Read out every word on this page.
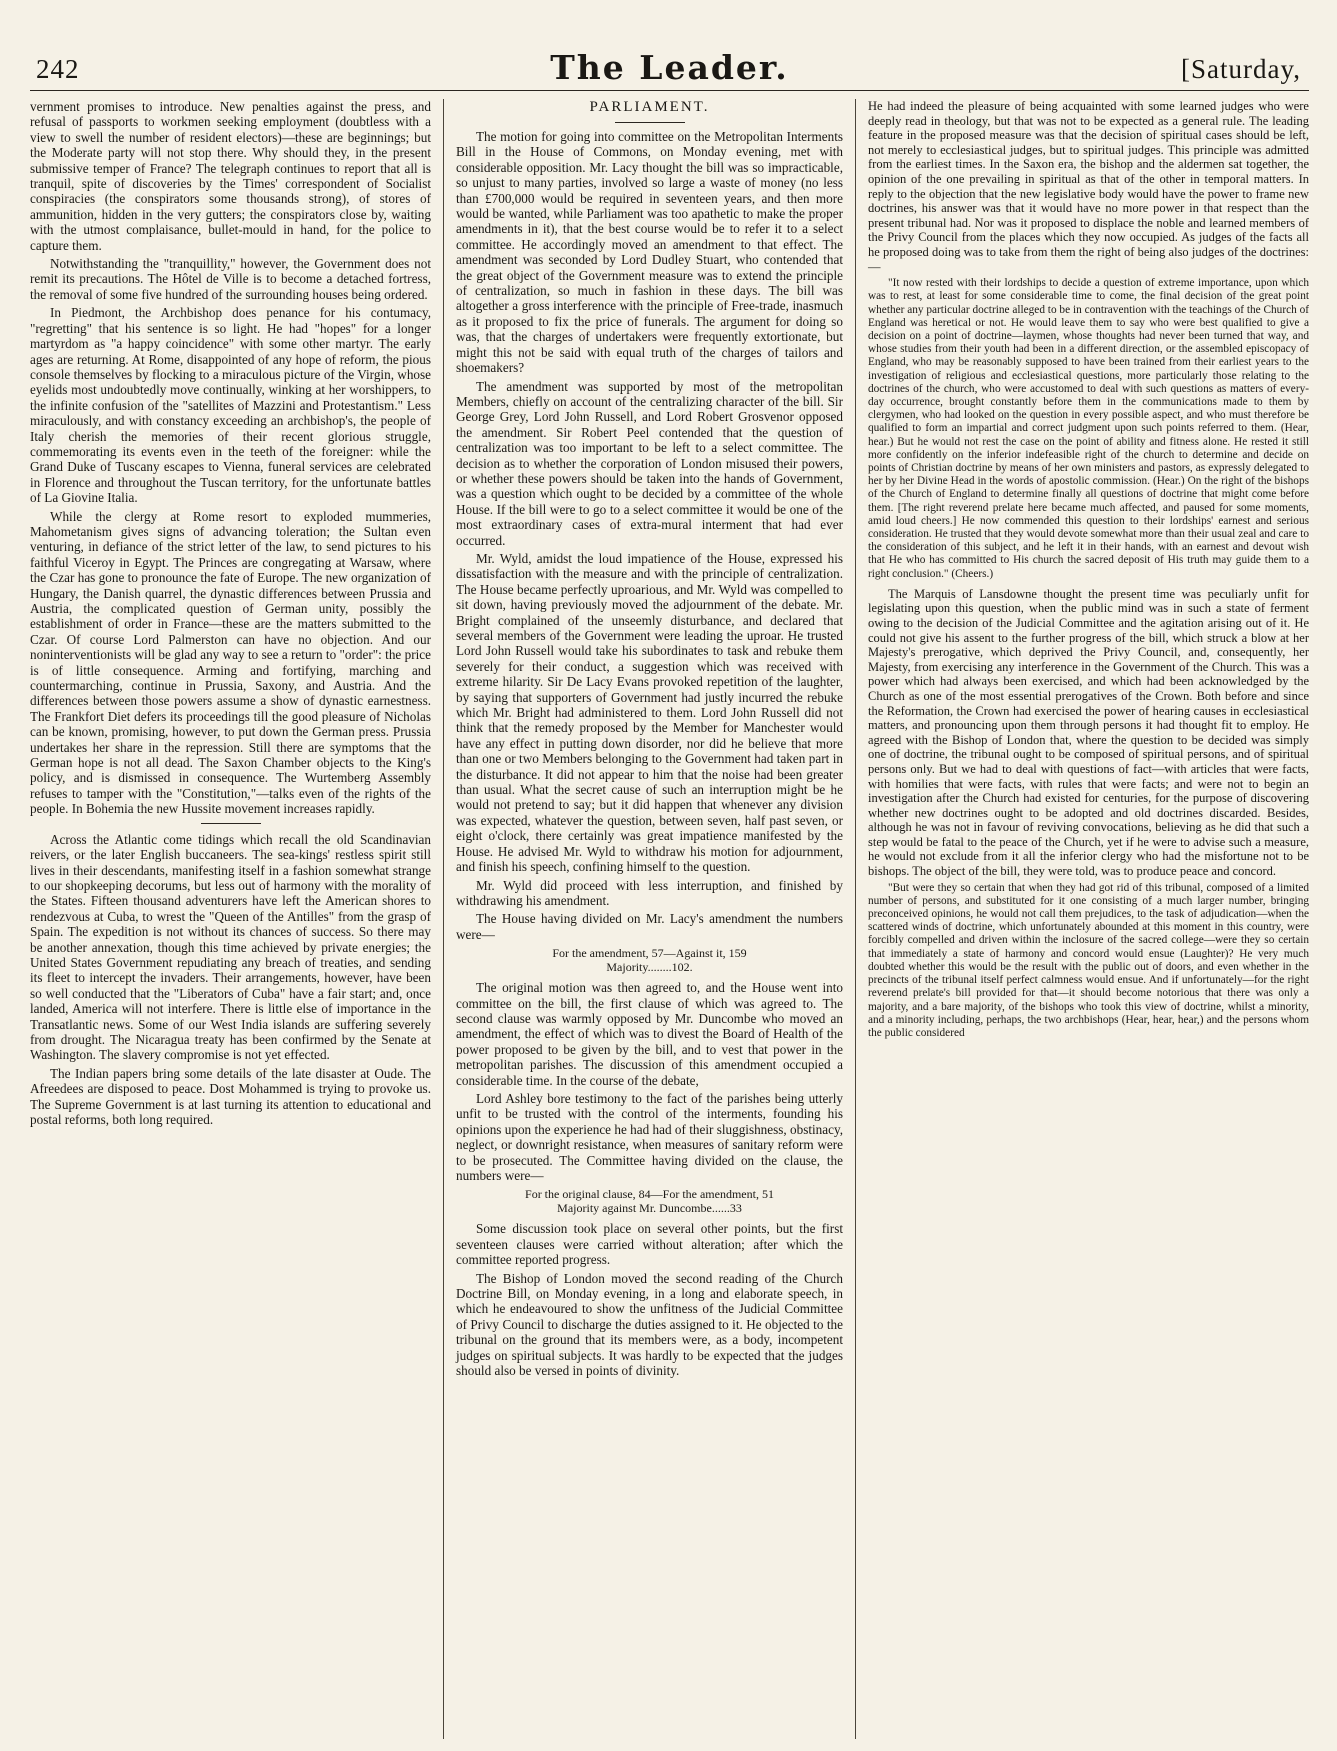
242	The Leader.	[Saturday,

vernment promises to introduce. New penalties against the press, and refusal of passports to workmen seeking employment (doubtless with a view to swell the number of resident electors)—these are beginnings; but the Moderate party will not stop there. Why should they, in the present submissive temper of France? The telegraph continues to report that all is tranquil, spite of discoveries by the Times' correspondent of Socialist conspiracies (the conspirators some thousands strong), of stores of ammunition, hidden in the very gutters; the conspirators close by, waiting with the utmost complaisance, bullet-mould in hand, for the police to capture them.

Notwithstanding the "tranquillity," however, the Government does not remit its precautions. The Hôtel de Ville is to become a detached fortress, the removal of some five hundred of the surrounding houses being ordered.

In Piedmont, the Archbishop does penance for his contumacy, "regretting" that his sentence is so light. He had "hopes" for a longer martyrdom as "a happy coincidence" with some other martyr. The early ages are returning. At Rome, disappointed of any hope of reform, the pious console themselves by flocking to a miraculous picture of the Virgin, whose eyelids most undoubtedly move continually, winking at her worshippers, to the infinite confusion of the "satellites of Mazzini and Protestantism." Less miraculously, and with constancy exceeding an archbishop's, the people of Italy cherish the memories of their recent glorious struggle, commemorating its events even in the teeth of the foreigner: while the Grand Duke of Tuscany escapes to Vienna, funeral services are celebrated in Florence and throughout the Tuscan territory, for the unfortunate battles of La Giovine Italia.

While the clergy at Rome resort to exploded mummeries, Mahometanism gives signs of advancing toleration; the Sultan even venturing, in defiance of the strict letter of the law, to send pictures to his faithful Viceroy in Egypt. The Princes are congregating at Warsaw, where the Czar has gone to pronounce the fate of Europe. The new organization of Hungary, the Danish quarrel, the dynastic differences between Prussia and Austria, the complicated question of German unity, possibly the establishment of order in France—these are the matters submitted to the Czar. Of course Lord Palmerston can have no objection. And our noninterventionists will be glad any way to see a return to "order": the price is of little consequence. Arming and fortifying, marching and countermarching, continue in Prussia, Saxony, and Austria. And the differences between those powers assume a show of dynastic earnestness. The Frankfort Diet defers its proceedings till the good pleasure of Nicholas can be known, promising, however, to put down the German press. Prussia undertakes her share in the repression. Still there are symptoms that the German hope is not all dead. The Saxon Chamber objects to the King's policy, and is dismissed in consequence. The Wurtemberg Assembly refuses to tamper with the "Constitution,"—talks even of the rights of the people. In Bohemia the new Hussite movement increases rapidly.

Across the Atlantic come tidings which recall the old Scandinavian reivers, or the later English buccaneers. The sea-kings' restless spirit still lives in their descendants, manifesting itself in a fashion somewhat strange to our shopkeeping decorums, but less out of harmony with the morality of the States. Fifteen thousand adventurers have left the American shores to rendezvous at Cuba, to wrest the "Queen of the Antilles" from the grasp of Spain. The expedition is not without its chances of success. So there may be another annexation, though this time achieved by private energies; the United States Government repudiating any breach of treaties, and sending its fleet to intercept the invaders. Their arrangements, however, have been so well conducted that the "Liberators of Cuba" have a fair start; and, once landed, America will not interfere. There is little else of importance in the Transatlantic news. Some of our West India islands are suffering severely from drought. The Nicaragua treaty has been confirmed by the Senate at Washington. The slavery compromise is not yet effected.

The Indian papers bring some details of the late disaster at Oude. The Afreedees are disposed to peace. Dost Mohammed is trying to provoke us. The Supreme Government is at last turning its attention to educational and postal reforms, both long required.

PARLIAMENT.

The motion for going into committee on the Metropolitan Interments Bill in the House of Commons, on Monday evening, met with considerable opposition. Mr. Lacy thought the bill was so impracticable, so unjust to many parties, involved so large a waste of money (no less than £700,000 would be required in seventeen years, and then more would be wanted, while Parliament was too apathetic to make the proper amendments in it), that the best course would be to refer it to a select committee. He accordingly moved an amendment to that effect. The amendment was seconded by Lord Dudley Stuart, who contended that the great object of the Government measure was to extend the principle of centralization, so much in fashion in these days. The bill was altogether a gross interference with the principle of Free-trade, inasmuch as it proposed to fix the price of funerals. The argument for doing so was, that the charges of undertakers were frequently extortionate, but might this not be said with equal truth of the charges of tailors and shoemakers?

The amendment was supported by most of the metropolitan Members, chiefly on account of the centralizing character of the bill. Sir George Grey, Lord John Russell, and Lord Robert Grosvenor opposed the amendment. Sir Robert Peel contended that the question of centralization was too important to be left to a select committee. The decision as to whether the corporation of London misused their powers, or whether these powers should be taken into the hands of Government, was a question which ought to be decided by a committee of the whole House. If the bill were to go to a select committee it would be one of the most extraordinary cases of extra-mural interment that had ever occurred.

Mr. Wyld, amidst the loud impatience of the House, expressed his dissatisfaction with the measure and with the principle of centralization. The House became perfectly uproarious, and Mr. Wyld was compelled to sit down, having previously moved the adjournment of the debate. Mr. Bright complained of the unseemly disturbance, and declared that several members of the Government were leading the uproar. He trusted Lord John Russell would take his subordinates to task and rebuke them severely for their conduct, a suggestion which was received with extreme hilarity. Sir De Lacy Evans provoked repetition of the laughter, by saying that supporters of Government had justly incurred the rebuke which Mr. Bright had administered to them. Lord John Russell did not think that the remedy proposed by the Member for Manchester would have any effect in putting down disorder, nor did he believe that more than one or two Members belonging to the Government had taken part in the disturbance. It did not appear to him that the noise had been greater than usual. What the secret cause of such an interruption might be he would not pretend to say; but it did happen that whenever any division was expected, whatever the question, between seven, half past seven, or eight o'clock, there certainly was great impatience manifested by the House. He advised Mr. Wyld to withdraw his motion for adjournment, and finish his speech, confining himself to the question.

Mr. Wyld did proceed with less interruption, and finished by withdrawing his amendment.

The House having divided on Mr. Lacy's amendment the numbers were—

For the amendment, 57—Against it, 159
Majority........102.

The original motion was then agreed to, and the House went into committee on the bill, the first clause of which was agreed to. The second clause was warmly opposed by Mr. Duncombe who moved an amendment, the effect of which was to divest the Board of Health of the power proposed to be given by the bill, and to vest that power in the metropolitan parishes. The discussion of this amendment occupied a considerable time. In the course of the debate,

Lord Ashley bore testimony to the fact of the parishes being utterly unfit to be trusted with the control of the interments, founding his opinions upon the experience he had had of their sluggishness, obstinacy, neglect, or downright resistance, when measures of sanitary reform were to be prosecuted. The Committee having divided on the clause, the numbers were—

For the original clause, 84—For the amendment, 51
Majority against Mr. Duncombe......33

Some discussion took place on several other points, but the first seventeen clauses were carried without alteration; after which the committee reported progress.

The Bishop of London moved the second reading of the Church Doctrine Bill, on Monday evening, in a long and elaborate speech, in which he endeavoured to show the unfitness of the Judicial Committee of Privy Council to discharge the duties assigned to it. He objected to the tribunal on the ground that its members were, as a body, incompetent judges on spiritual subjects. It was hardly to be expected that the judges should also be versed in points of divinity.

He had indeed the pleasure of being acquainted with some learned judges who were deeply read in theology, but that was not to be expected as a general rule. The leading feature in the proposed measure was that the decision of spiritual cases should be left, not merely to ecclesiastical judges, but to spiritual judges. This principle was admitted from the earliest times. In the Saxon era, the bishop and the aldermen sat together, the opinion of the one prevailing in spiritual as that of the other in temporal matters. In reply to the objection that the new legislative body would have the power to frame new doctrines, his answer was that it would have no more power in that respect than the present tribunal had. Nor was it proposed to displace the noble and learned members of the Privy Council from the places which they now occupied. As judges of the facts all he proposed doing was to take from them the right of being also judges of the doctrines:—

"It now rested with their lordships to decide a question of extreme importance, upon which was to rest, at least for some considerable time to come, the final decision of the great point whether any particular doctrine alleged to be in contravention with the teachings of the Church of England was heretical or not. He would leave them to say who were best qualified to give a decision on a point of doctrine—laymen, whose thoughts had never been turned that way, and whose studies from their youth had been in a different direction, or the assembled episcopacy of England, who may be reasonably supposed to have been trained from their earliest years to the investigation of religious and ecclesiastical questions, more particularly those relating to the doctrines of the church, who were accustomed to deal with such questions as matters of every-day occurrence, brought constantly before them in the communications made to them by clergymen, who had looked on the question in every possible aspect, and who must therefore be qualified to form an impartial and correct judgment upon such points referred to them. (Hear, hear.) But he would not rest the case on the point of ability and fitness alone. He rested it still more confidently on the inferior indefeasible right of the church to determine and decide on points of Christian doctrine by means of her own ministers and pastors, as expressly delegated to her by her Divine Head in the words of apostolic commission. (Hear.) On the right of the bishops of the Church of England to determine finally all questions of doctrine that might come before them. [The right reverend prelate here became much affected, and paused for some moments, amid loud cheers.] He now commended this question to their lordships' earnest and serious consideration. He trusted that they would devote somewhat more than their usual zeal and care to the consideration of this subject, and he left it in their hands, with an earnest and devout wish that He who has committed to His church the sacred deposit of His truth may guide them to a right conclusion." (Cheers.)

The Marquis of Lansdowne thought the present time was peculiarly unfit for legislating upon this question, when the public mind was in such a state of ferment owing to the decision of the Judicial Committee and the agitation arising out of it. He could not give his assent to the further progress of the bill, which struck a blow at her Majesty's prerogative, which deprived the Privy Council, and, consequently, her Majesty, from exercising any interference in the Government of the Church. This was a power which had always been exercised, and which had been acknowledged by the Church as one of the most essential prerogatives of the Crown. Both before and since the Reformation, the Crown had exercised the power of hearing causes in ecclesiastical matters, and pronouncing upon them through persons it had thought fit to employ. He agreed with the Bishop of London that, where the question to be decided was simply one of doctrine, the tribunal ought to be composed of spiritual persons, and of spiritual persons only. But we had to deal with questions of fact—with articles that were facts, with homilies that were facts, with rules that were facts; and were not to begin an investigation after the Church had existed for centuries, for the purpose of discovering whether new doctrines ought to be adopted and old doctrines discarded. Besides, although he was not in favour of reviving convocations, believing as he did that such a step would be fatal to the peace of the Church, yet if he were to advise such a measure, he would not exclude from it all the inferior clergy who had the misfortune not to be bishops. The object of the bill, they were told, was to produce peace and concord.

"But were they so certain that when they had got rid of this tribunal, composed of a limited number of persons, and substituted for it one consisting of a much larger number, bringing preconceived opinions, he would not call them prejudices, to the task of adjudication—when the scattered winds of doctrine, which unfortunately abounded at this moment in this country, were forcibly compelled and driven within the inclosure of the sacred college—were they so certain that immediately a state of harmony and concord would ensue (Laughter)? He very much doubted whether this would be the result with the public out of doors, and even whether in the precincts of the tribunal itself perfect calmness would ensue. And if unfortunately—for the right reverend prelate's bill provided for that—it should become notorious that there was only a majority, and a bare majority, of the bishops who took this view of doctrine, whilst a minority, and a minority including, perhaps, the two archbishops (Hear, hear, hear,) and the persons whom the public considered
